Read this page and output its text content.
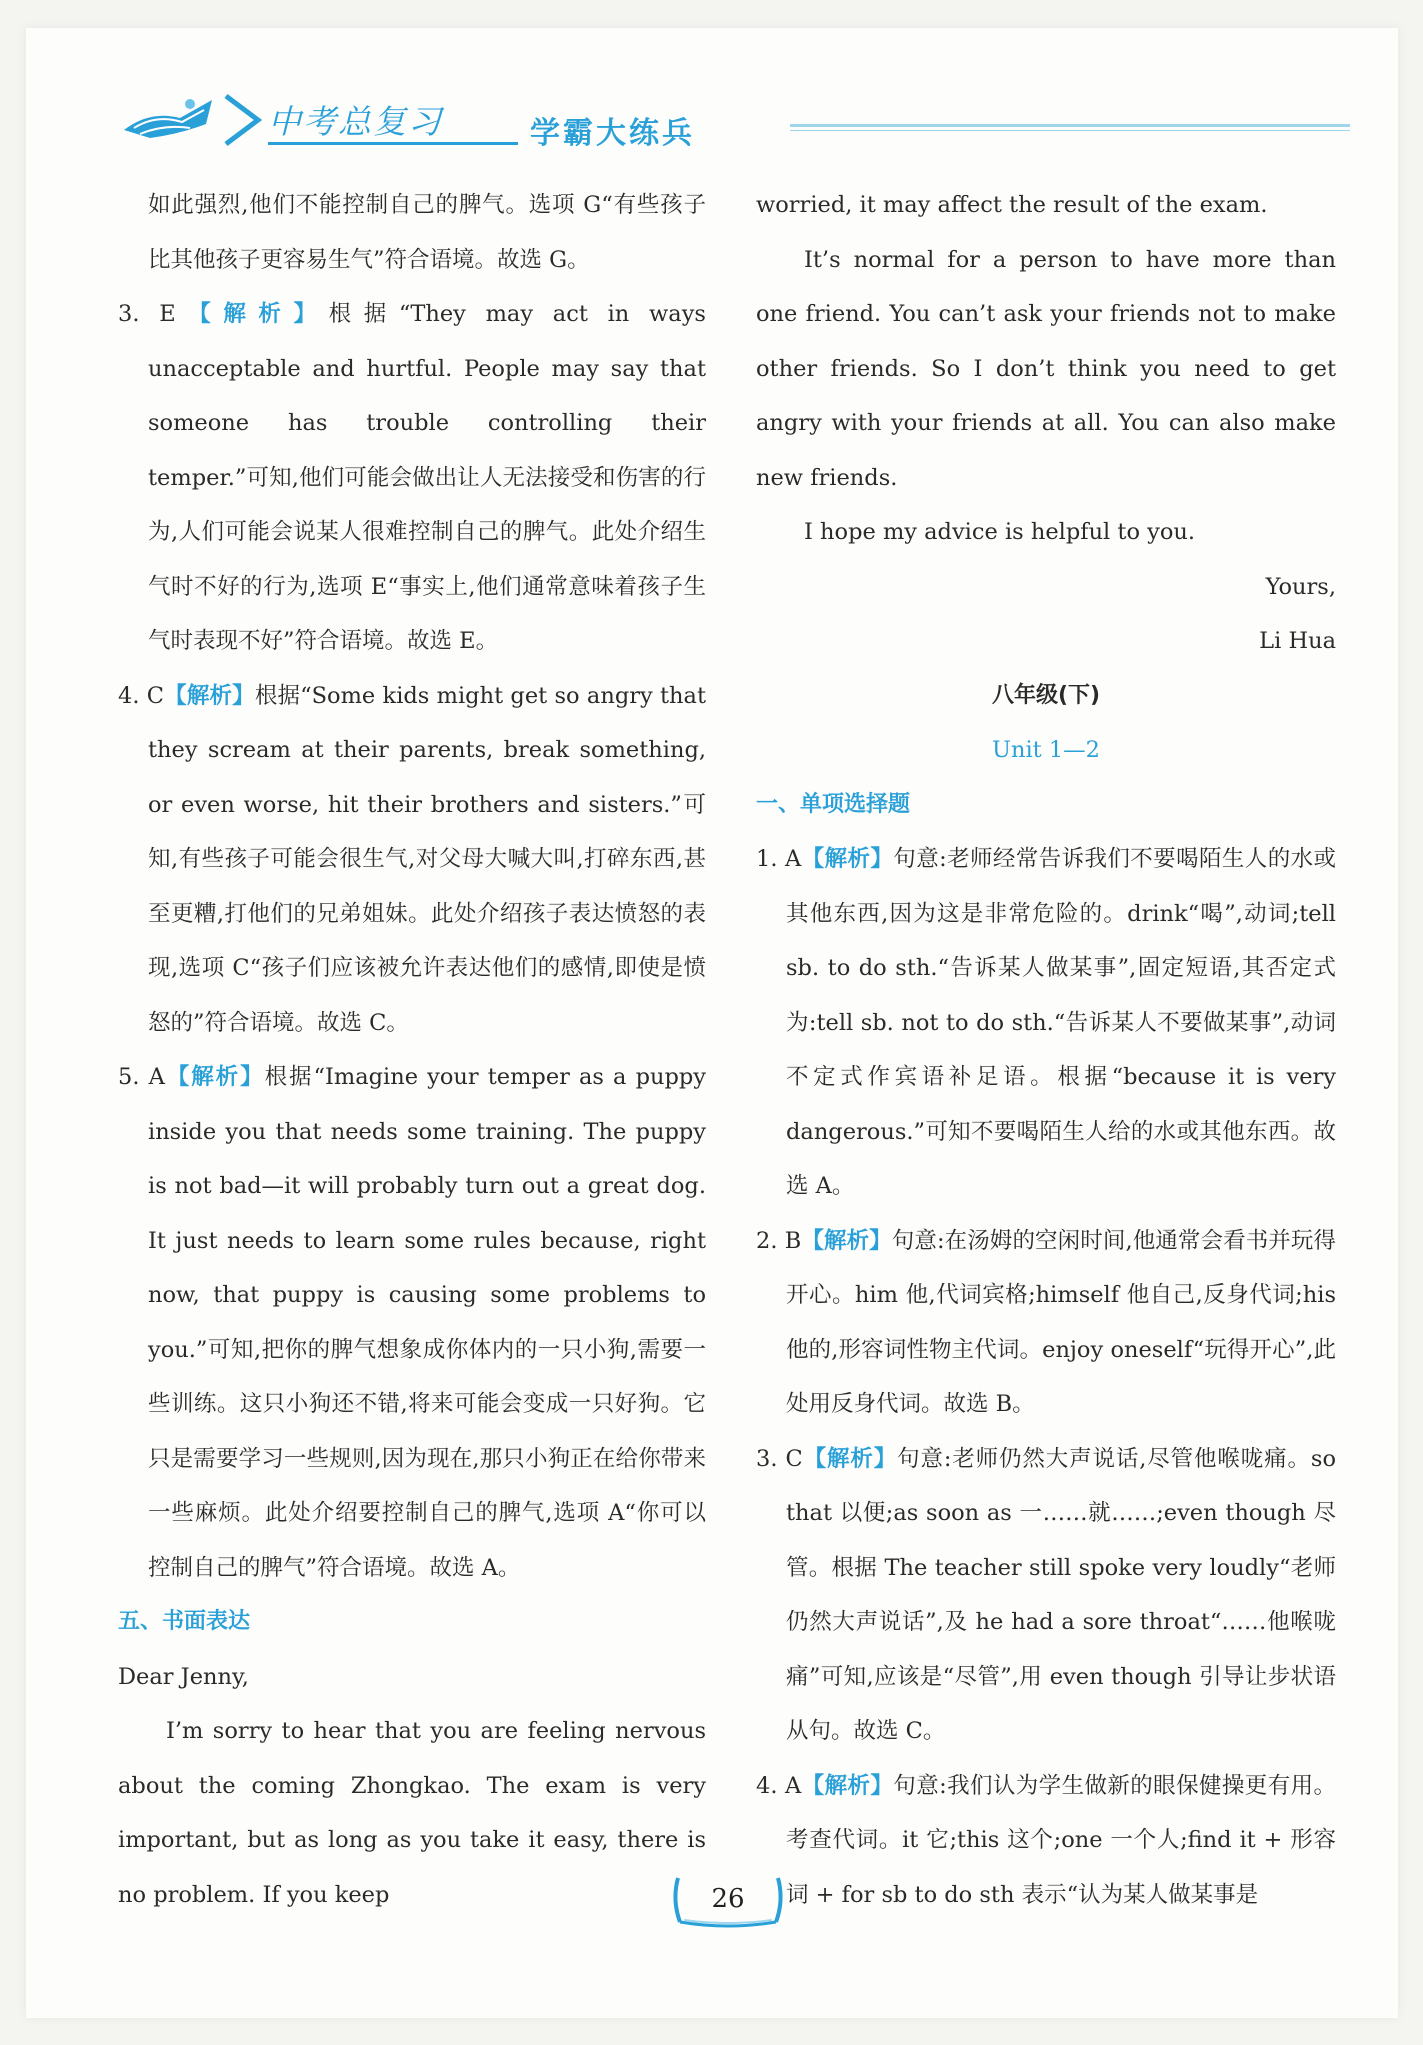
中考总复习	学霸大练兵

如此强烈,他们不能控制自己的脾气。选项 G“有些孩子比其他孩子更容易生气”符合语境。故选 G。

3. E【解析】根据“They may act in ways unacceptable and hurtful. People may say that someone has trouble controlling their temper.”可知,他们可能会做出让人无法接受和伤害的行为,人们可能会说某人很难控制自己的脾气。此处介绍生气时不好的行为,选项 E“事实上,他们通常意味着孩子生气时表现不好”符合语境。故选 E。

4. C【解析】根据“Some kids might get so angry that they scream at their parents, break something, or even worse, hit their brothers and sisters.”可知,有些孩子可能会很生气,对父母大喊大叫,打碎东西,甚至更糟,打他们的兄弟姐妹。此处介绍孩子表达愤怒的表现,选项 C“孩子们应该被允许表达他们的感情,即使是愤怒的”符合语境。故选 C。

5. A【解析】根据“Imagine your temper as a puppy inside you that needs some training. The puppy is not bad—it will probably turn out a great dog. It just needs to learn some rules because, right now, that puppy is causing some problems to you.”可知,把你的脾气想象成你体内的一只小狗,需要一些训练。这只小狗还不错,将来可能会变成一只好狗。它只是需要学习一些规则,因为现在,那只小狗正在给你带来一些麻烦。此处介绍要控制自己的脾气,选项 A“你可以控制自己的脾气”符合语境。故选 A。

五、书面表达

Dear Jenny,

I’m sorry to hear that you are feeling nervous about the coming Zhongkao. The exam is very important, but as long as you take it easy, there is no problem. If you keep

worried, it may affect the result of the exam.

It’s normal for a person to have more than one friend. You can’t ask your friends not to make other friends. So I don’t think you need to get angry with your friends at all. You can also make new friends.

I hope my advice is helpful to you.

Yours,

Li Hua

八年级(下)

Unit 1—2

一、单项选择题

1. A【解析】句意:老师经常告诉我们不要喝陌生人的水或其他东西,因为这是非常危险的。drink“喝”,动词;tell sb. to do sth.“告诉某人做某事”,固定短语,其否定式为:tell sb. not to do sth.“告诉某人不要做某事”,动词不定式作宾语补足语。根据“because it is very dangerous.”可知不要喝陌生人给的水或其他东西。故选 A。

2. B【解析】句意:在汤姆的空闲时间,他通常会看书并玩得开心。him 他,代词宾格;himself 他自己,反身代词;his 他的,形容词性物主代词。enjoy oneself“玩得开心”,此处用反身代词。故选 B。

3. C【解析】句意:老师仍然大声说话,尽管他喉咙痛。so that 以便;as soon as 一……就……;even though 尽管。根据 The teacher still spoke very loudly“老师仍然大声说话”,及 he had a sore throat“……他喉咙痛”可知,应该是“尽管”,用 even though 引导让步状语从句。故选 C。

4. A【解析】句意:我们认为学生做新的眼保健操更有用。考查代词。it 它;this 这个;one 一个人;find it + 形容词 + for sb to do sth 表示“认为某人做某事是

26
